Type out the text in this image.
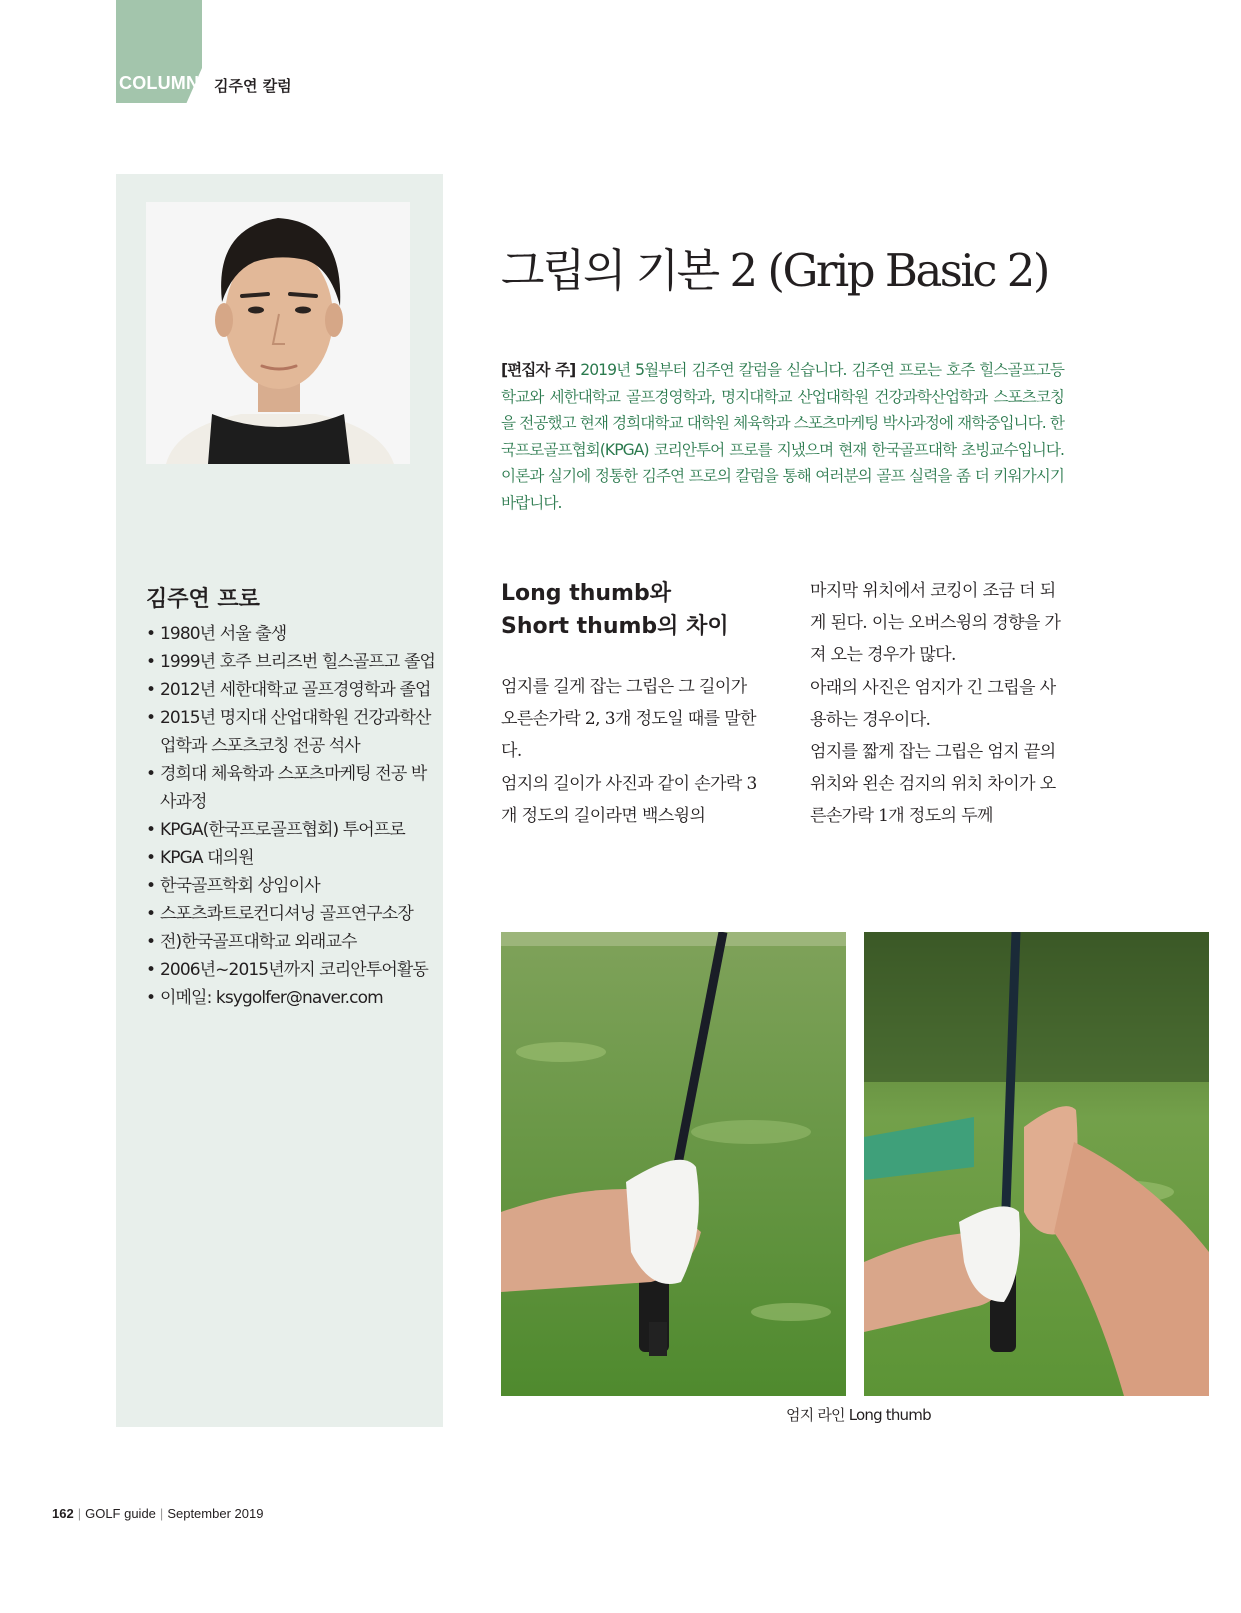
COLUMN 김주연 칼럼
김주연 프로
• 1980년 서울 출생
• 1999년 호주 브리즈번 힐스골프고 졸업
• 2012년 세한대학교 골프경영학과 졸업
• 2015년 명지대 산업대학원 건강과학산업학과 스포츠코칭 전공 석사
• 경희대 체육학과 스포츠마케팅 전공 박사과정
• KPGA(한국프로골프협회) 투어프로
• KPGA 대의원
• 한국골프학회 상임이사
• 스포츠콰트로컨디셔닝 골프연구소장
• 전)한국골프대학교 외래교수
• 2006년~2015년까지 코리안투어활동
• 이메일: ksygolfer@naver.com
그립의 기본 2 (Grip Basic 2)

[편집자 주] 2019년 5월부터 김주연 칼럼을 싣습니다. 김주연 프로는 호주 힐스골프고등학교와 세한대학교 골프경영학과, 명지대학교 산업대학원 건강과학산업학과 스포츠코칭을 전공했고 현재 경희대학교 대학원 체육학과 스포츠마케팅 박사과정에 재학중입니다. 한국프로골프협회(KPGA) 코리안투어 프로를 지냈으며 현재 한국골프대학 초빙교수입니다. 이론과 실기에 정통한 김주연 프로의 칼럼을 통해 여러분의 골프 실력을 좀 더 키워가시기 바랍니다.

Long thumb와
Short thumb의 차이

엄지를 길게 잡는 그립은 그 길이가 오른손가락 2, 3개 정도일 때를 말한다.

엄지의 길이가 사진과 같이 손가락 3개 정도의 길이라면 백스윙의

마지막 위치에서 코킹이 조금 더 되게 된다. 이는 오버스윙의 경향을 가져 오는 경우가 많다.

아래의 사진은 엄지가 긴 그립을 사용하는 경우이다.

엄지를 짧게 잡는 그립은 엄지 끝의 위치와 왼손 검지의 위치 차이가 오른손가락 1개 정도의 두께

엄지 라인 Long thumb
162 | GOLF guide | September 2019
